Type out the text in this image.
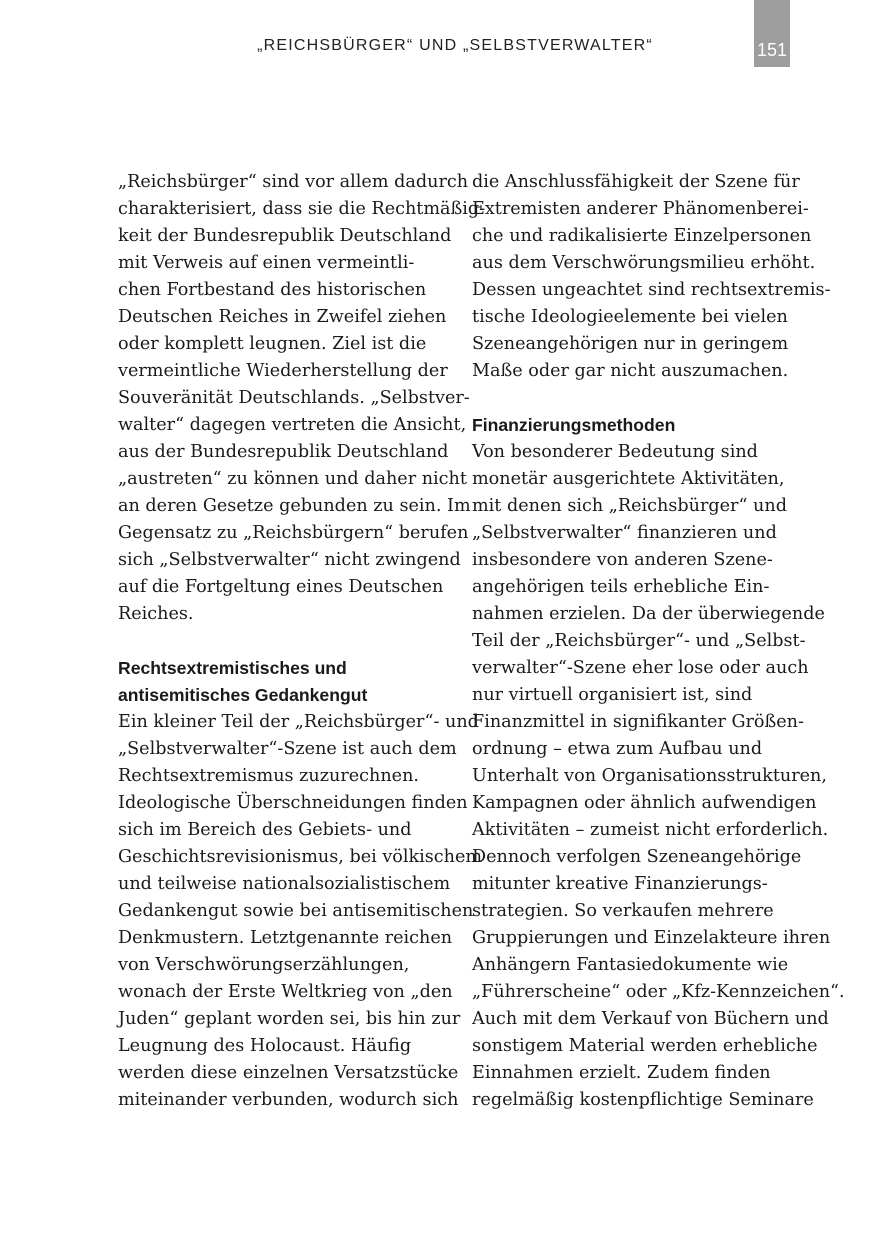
„REICHSBÜRGER“ UND „SELBSTVERWALTER“	151
„Reichsbürger“ sind vor allem dadurch
charakterisiert, dass sie die Rechtmäßig-
keit der Bundesrepublik Deutschland
mit Verweis auf einen vermeintli-
chen Fortbestand des historischen
Deutschen Reiches in Zweifel ziehen
oder komplett leugnen. Ziel ist die
vermeintliche Wiederherstellung der
Souveränität Deutschlands. „Selbstver-
walter“ dagegen vertreten die Ansicht,
aus der Bundesrepublik Deutschland
„austreten“ zu können und daher nicht
an deren Gesetze gebunden zu sein. Im
Gegensatz zu „Reichsbürgern“ berufen
sich „Selbstverwalter“ nicht zwingend
auf die Fortgeltung eines Deutschen
Reiches.
Rechtsextremistisches und
antisemitisches Gedankengut
Ein kleiner Teil der „Reichsbürger“- und
„Selbstverwalter“-Szene ist auch dem
Rechtsextremismus zuzurechnen.
Ideologische Überschneidungen finden
sich im Bereich des Gebiets- und
Geschichtsrevisionismus, bei völkischem
und teilweise nationalsozialistischem
Gedankengut sowie bei antisemitischen
Denkmustern. Letztgenannte reichen
von Verschwörungserzählungen,
wonach der Erste Weltkrieg von „den
Juden“ geplant worden sei, bis hin zur
Leugnung des Holocaust. Häufig
werden diese einzelnen Versatzstücke
miteinander verbunden, wodurch sich
die Anschlussfähigkeit der Szene für
Extremisten anderer Phänomenberei-
che und radikalisierte Einzelpersonen
aus dem Verschwörungsmilieu erhöht.
Dessen ungeachtet sind rechtsextremis-
tische Ideologieelemente bei vielen
Szeneangehörigen nur in geringem
Maße oder gar nicht auszumachen.
Finanzierungsmethoden
Von besonderer Bedeutung sind
monetär ausgerichtete Aktivitäten,
mit denen sich „Reichsbürger“ und
„Selbstverwalter“ finanzieren und
insbesondere von anderen Szene-
angehörigen teils erhebliche Ein-
nahmen erzielen. Da der überwiegende
Teil der „Reichsbürger“- und „Selbst-
verwalter“-Szene eher lose oder auch
nur virtuell organisiert ist, sind
Finanzmittel in signifikanter Größen-
ordnung – etwa zum Aufbau und
Unterhalt von Organisationsstrukturen,
Kampagnen oder ähnlich aufwendigen
Aktivitäten – zumeist nicht erforderlich.
Dennoch verfolgen Szeneangehörige
mitunter kreative Finanzierungs-
strategien. So verkaufen mehrere
Gruppierungen und Einzelakteure ihren
Anhängern Fantasiedokumente wie
„Führerscheine“ oder „Kfz-Kennzeichen“.
Auch mit dem Verkauf von Büchern und
sonstigem Material werden erhebliche
Einnahmen erzielt. Zudem finden
regelmäßig kostenpflichtige Seminare
